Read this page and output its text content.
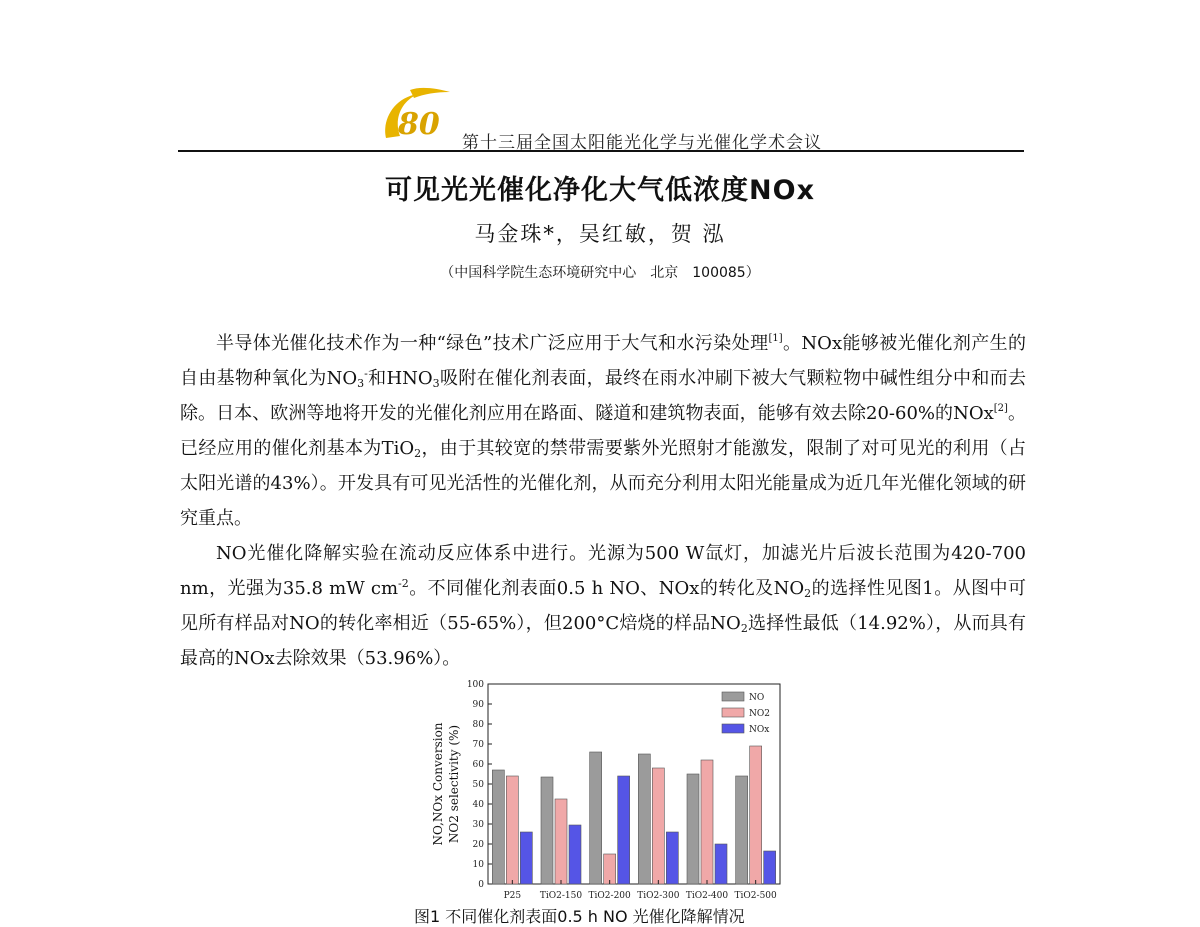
80
第十三届全国太阳能光化学与光催化学术会议
可见光光催化净化大气低浓度NOx
马金珠*，吴红敏，贺 泓
（中国科学院生态环境研究中心　北京　100085）

半导体光催化技术作为一种“绿色”技术广泛应用于大气和水污染处理[1]。NOx能够被光催化剂产生的自由基物种氧化为$NO_3^-$和$HNO_3$吸附在催化剂表面，最终在雨水冲刷下被大气颗粒物中碱性组分中和而去除。日本、欧洲等地将开发的光催化剂应用在路面、隧道和建筑物表面，能够有效去除20-60%的NOx[2]。已经应用的催化剂基本为TiO$_2$，由于其较宽的禁带需要紫外光照射才能激发，限制了对可见光的利用（占太阳光谱的43%）。开发具有可见光活性的光催化剂，从而充分利用太阳光能量成为近几年光催化领域的研究重点。

NO光催化降解实验在流动反应体系中进行。光源为500 W氙灯，加滤光片后波长范围为420-700 nm，光强为35.8 mW $cm^{-2}$。不同催化剂表面0.5 h NO、NOx的转化及$NO_2$的选择性见图1。从图中可见所有样品对NO的转化率相近（55-65%），但200°C焙烧的样品$NO_2$选择性最低（14.92%），从而具有最高的NOx去除效果（53.96%）。

0
10
20
30
40
50
60
70
80
90
100
NO,NOx Conversion NO2 selectivity (%)
P25 TiO2-150 TiO2-200 TiO2-300 TiO2-400 TiO2-500
NO
NO2
NOx
图1 不同催化剂表面0.5 h NO 光催化降解情况
